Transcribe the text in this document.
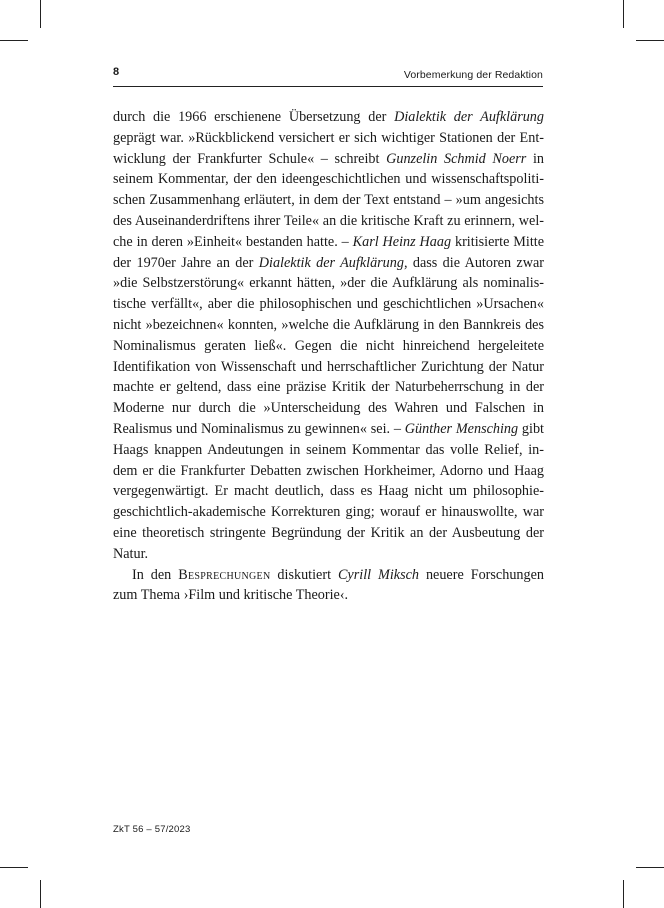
8	Vorbemerkung der Redaktion

durch die 1966 erschienene Übersetzung der Dialektik der Aufklärung geprägt war. »Rückblickend versichert er sich wichtiger Stationen der Entwicklung der Frankfurter Schule« – schreibt Gunzelin Schmid Noerr in seinem Kommentar, der den ideengeschichtlichen und wissenschaftspolitischen Zusammenhang erläutert, in dem der Text entstand – »um angesichts des Auseinanderdriftens ihrer Teile« an die kritische Kraft zu erinnern, welche in deren »Einheit« bestanden hatte. – Karl Heinz Haag kritisierte Mitte der 1970er Jahre an der Dialektik der Aufklärung, dass die Autoren zwar »die Selbstzerstörung« erkannt hätten, »der die Aufklärung als nominalistische verfällt«, aber die philosophischen und geschichtlichen »Ursachen« nicht »bezeichnen« konnten, »welche die Aufklärung in den Bannkreis des Nominalismus geraten ließ«. Gegen die nicht hinreichend hergeleitete Identifikation von Wissenschaft und herrschaftlicher Zurichtung der Natur machte er geltend, dass eine präzise Kritik der Naturbeherrschung in der Moderne nur durch die »Unterscheidung des Wahren und Falschen in Realismus und Nominalismus zu gewinnen« sei. – Günther Mensching gibt Haags knappen Andeutungen in seinem Kommentar das volle Relief, indem er die Frankfurter Debatten zwischen Horkheimer, Adorno und Haag vergegenwärtigt. Er macht deutlich, dass es Haag nicht um philosophiegeschichtlich-akademische Korrekturen ging; worauf er hinauswollte, war eine theoretisch stringente Begründung der Kritik an der Ausbeutung der Natur.

In den Besprechungen diskutiert Cyrill Miksch neuere Forschungen zum Thema ›Film und kritische Theorie‹.

ZkT 56 – 57/2023
